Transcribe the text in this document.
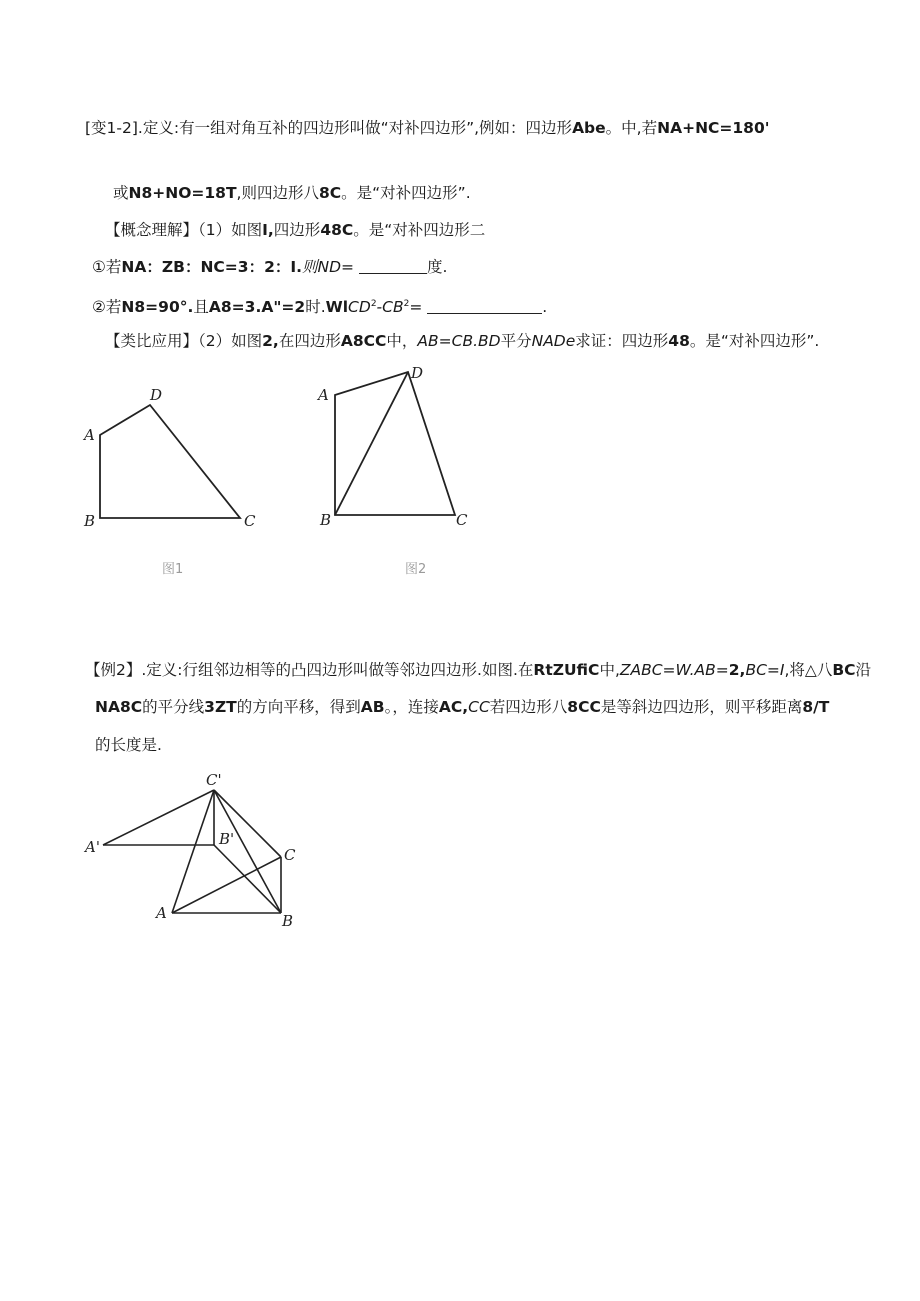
[变1-2].定义:有一组对角互补的四边形叫做“对补四边形”,例如：四边形Abe。中,若NA+NC=180'
或N8+NO=18T,则四边形八8C。是“对补四边形”.
【概念理解】（1）如图I,四边形48C。是“对补四边形二
①若NA：ZB：NC=3：2：I.则ND=	度.
②若N8=90°.且A8=3.A"=2时$.WlCD^2-CB^2=$	.
【类比应用】（2）如图2,在四边形A8CC中，AB=CB.BD平分NADe求证：四边形48。是“对补四边形”.
A
D
B	C
图1
A
D
B	C
图2
【例2】.定义:行组邻边相等的凸四边形叫做等邻边四边形.如图.在RtZUfiC中,ZABC=W.AB=2,BC=I,将△八BC沿
NA8C的平分线3ZT的方向平移，得到AB。，连接AC,CC若四边形八8CC是等斜边四边形，则平移距离8/T
的长度是.
C'
A'	B'
C
A	B
